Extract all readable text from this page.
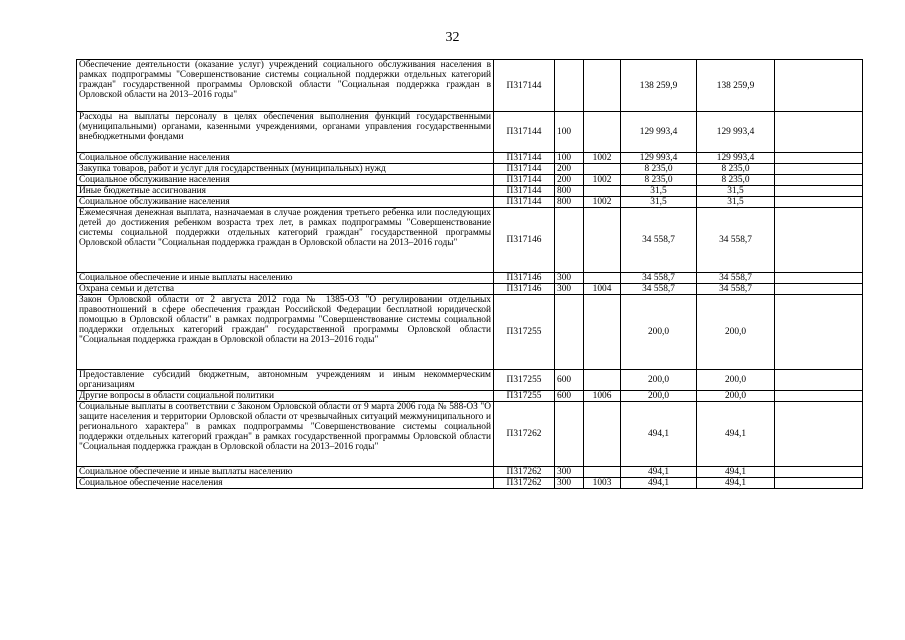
32
Обеспечение деятельности (оказание услуг) учреждений социального обслуживания населения в рамках подпрограммы "Совершенствование системы социальной поддержки отдельных категорий граждан" государственной программы Орловской области "Социальная поддержка граждан в Орловской области на 2013–2016 годы"	П317144			138 259,9	138 259,9	
Расходы на выплаты персоналу в целях обеспечения выполнения функций государственными (муниципальными) органами, казенными учреждениями, органами управления государственными внебюджетными фондами	П317144	100		129 993,4	129 993,4	
Социальное обслуживание населения	П317144	100	1002	129 993,4	129 993,4	
Закупка товаров, работ и услуг для государственных (муниципальных) нужд	П317144	200		8 235,0	8 235,0	
Социальное обслуживание населения	П317144	200	1002	8 235,0	8 235,0	
Иные бюджетные ассигнования	П317144	800		31,5	31,5	
Социальное обслуживание населения	П317144	800	1002	31,5	31,5	
Ежемесячная денежная выплата, назначаемая в случае рождения третьего ребенка или последующих детей до достижения ребенком возраста трех лет, в рамках подпрограммы "Совершенствование системы социальной поддержки отдельных категорий граждан" государственной программы Орловской области "Социальная поддержка граждан в Орловской области на 2013–2016 годы"	П317146			34 558,7	34 558,7	
Социальное обеспечение и иные выплаты населению	П317146	300		34 558,7	34 558,7	
Охрана семьи и детства	П317146	300	1004	34 558,7	34 558,7	
Закон Орловской области от 2 августа 2012 года № 1385-ОЗ "О регулировании отдельных правоотношений в сфере обеспечения граждан Российской Федерации бесплатной юридической помощью в Орловской области" в рамках подпрограммы "Совершенствование системы социальной поддержки отдельных категорий граждан" государственной программы Орловской области "Социальная поддержка граждан в Орловской области на 2013–2016 годы"	П317255			200,0	200,0	
Предоставление субсидий бюджетным, автономным учреждениям и иным некоммерческим организациям	П317255	600		200,0	200,0	
Другие вопросы в области социальной политики	П317255	600	1006	200,0	200,0	
Социальные выплаты в соответствии с Законом Орловской области от 9 марта 2006 года № 588-ОЗ "О защите населения и территории Орловской области от чрезвычайных ситуаций межмуниципального и регионального характера" в рамках подпрограммы "Совершенствование системы социальной поддержки отдельных категорий граждан" в рамках государственной программы Орловской области "Социальная поддержка граждан в Орловской области на 2013–2016 годы"	П317262			494,1	494,1	
Социальное обеспечение и иные выплаты населению	П317262	300		494,1	494,1	
Социальное обеспечение населения	П317262	300	1003	494,1	494,1	
